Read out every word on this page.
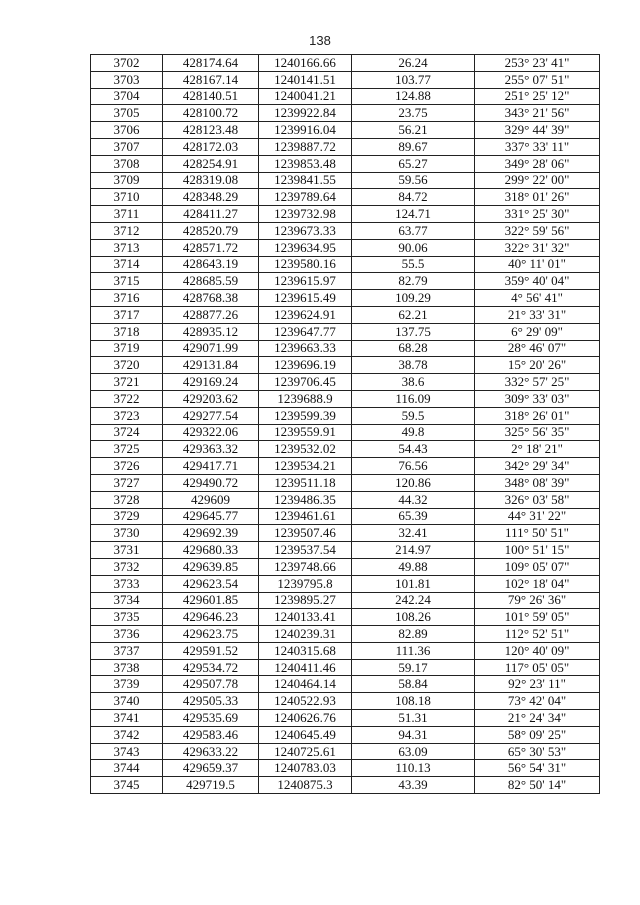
138
3702	428174.64	1240166.66	26.24	253° 23' 41"
3703	428167.14	1240141.51	103.77	255° 07' 51"
3704	428140.51	1240041.21	124.88	251° 25' 12"
3705	428100.72	1239922.84	23.75	343° 21' 56"
3706	428123.48	1239916.04	56.21	329° 44' 39"
3707	428172.03	1239887.72	89.67	337° 33' 11"
3708	428254.91	1239853.48	65.27	349° 28' 06"
3709	428319.08	1239841.55	59.56	299° 22' 00"
3710	428348.29	1239789.64	84.72	318° 01' 26"
3711	428411.27	1239732.98	124.71	331° 25' 30"
3712	428520.79	1239673.33	63.77	322° 59' 56"
3713	428571.72	1239634.95	90.06	322° 31' 32"
3714	428643.19	1239580.16	55.5	40° 11' 01"
3715	428685.59	1239615.97	82.79	359° 40' 04"
3716	428768.38	1239615.49	109.29	4° 56' 41"
3717	428877.26	1239624.91	62.21	21° 33' 31"
3718	428935.12	1239647.77	137.75	6° 29' 09"
3719	429071.99	1239663.33	68.28	28° 46' 07"
3720	429131.84	1239696.19	38.78	15° 20' 26"
3721	429169.24	1239706.45	38.6	332° 57' 25"
3722	429203.62	1239688.9	116.09	309° 33' 03"
3723	429277.54	1239599.39	59.5	318° 26' 01"
3724	429322.06	1239559.91	49.8	325° 56' 35"
3725	429363.32	1239532.02	54.43	2° 18' 21"
3726	429417.71	1239534.21	76.56	342° 29' 34"
3727	429490.72	1239511.18	120.86	348° 08' 39"
3728	429609	1239486.35	44.32	326° 03' 58"
3729	429645.77	1239461.61	65.39	44° 31' 22"
3730	429692.39	1239507.46	32.41	111° 50' 51"
3731	429680.33	1239537.54	214.97	100° 51' 15"
3732	429639.85	1239748.66	49.88	109° 05' 07"
3733	429623.54	1239795.8	101.81	102° 18' 04"
3734	429601.85	1239895.27	242.24	79° 26' 36"
3735	429646.23	1240133.41	108.26	101° 59' 05"
3736	429623.75	1240239.31	82.89	112° 52' 51"
3737	429591.52	1240315.68	111.36	120° 40' 09"
3738	429534.72	1240411.46	59.17	117° 05' 05"
3739	429507.78	1240464.14	58.84	92° 23' 11"
3740	429505.33	1240522.93	108.18	73° 42' 04"
3741	429535.69	1240626.76	51.31	21° 24' 34"
3742	429583.46	1240645.49	94.31	58° 09' 25"
3743	429633.22	1240725.61	63.09	65° 30' 53"
3744	429659.37	1240783.03	110.13	56° 54' 31"
3745	429719.5	1240875.3	43.39	82° 50' 14"
